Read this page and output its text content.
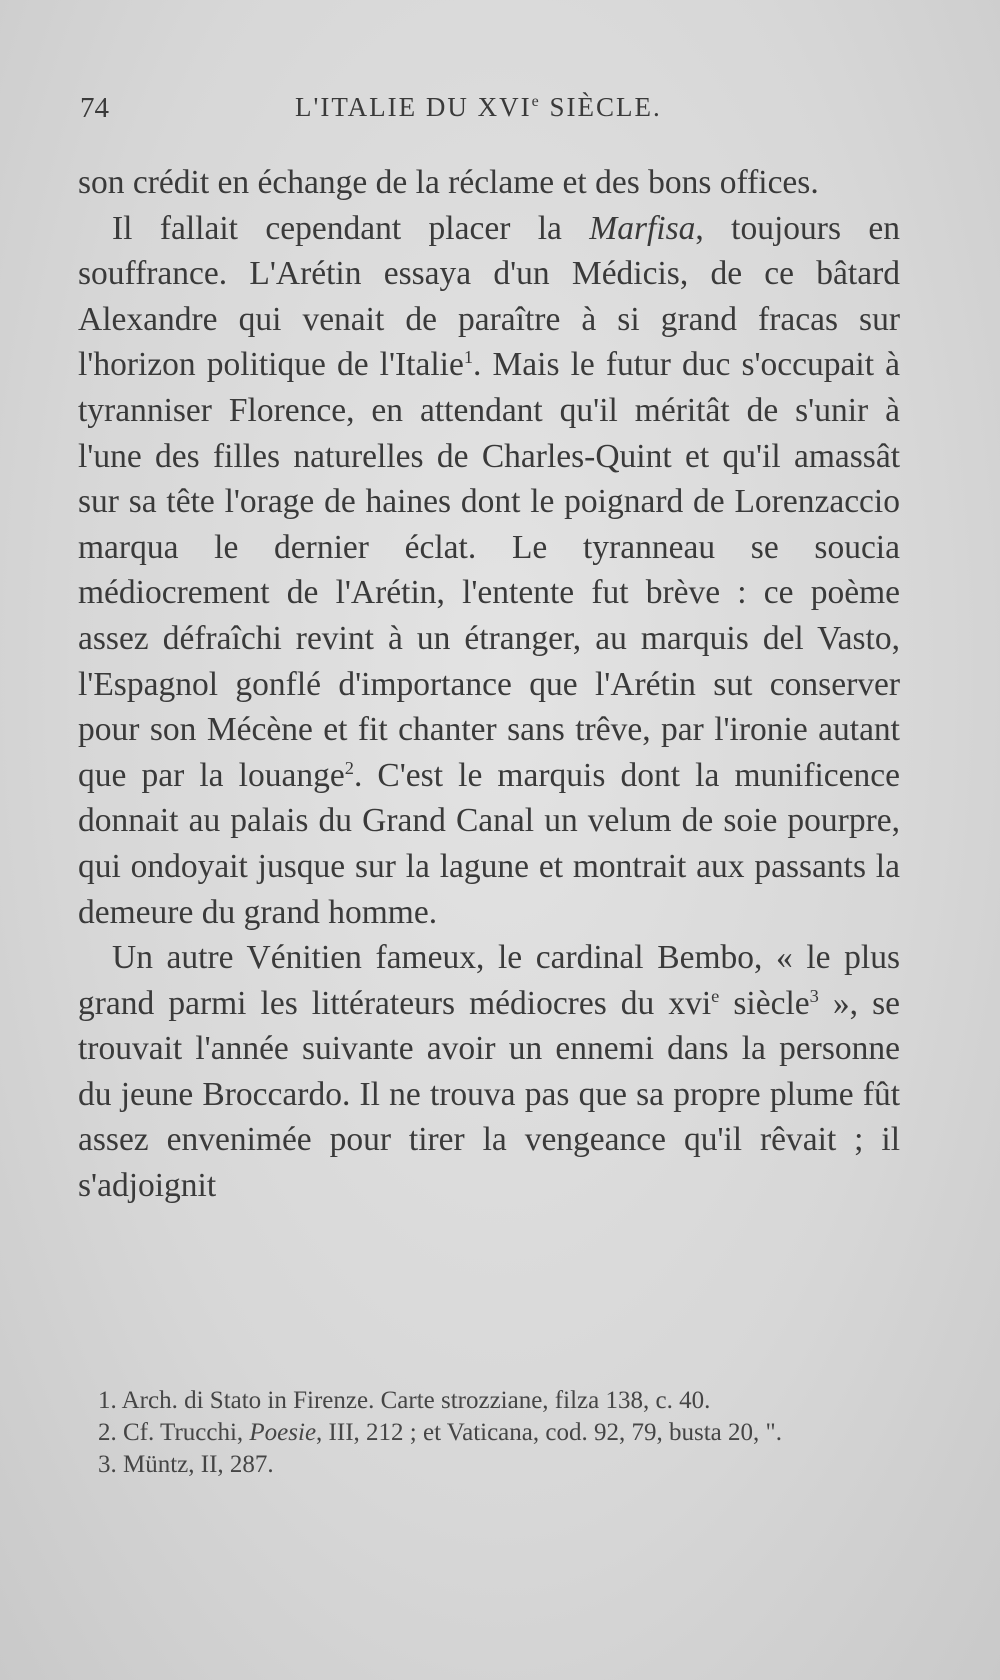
74	L'ITALIE DU XVIe SIÈCLE.

son crédit en échange de la réclame et des bons offices.

Il fallait cependant placer la Marfisa, toujours en souffrance. L'Arétin essaya d'un Médicis, de ce bâtard Alexandre qui venait de paraître à si grand fracas sur l'horizon politique de l'Italie$^1$. Mais le futur duc s'occupait à tyranniser Florence, en attendant qu'il méritât de s'unir à l'une des filles naturelles de Charles-Quint et qu'il amassât sur sa tête l'orage de haines dont le poignard de Lorenzaccio marqua le dernier éclat. Le tyranneau se soucia médiocrement de l'Arétin, l'entente fut brève : ce poème assez défraîchi revint à un étranger, au marquis del Vasto, l'Espagnol gonflé d'importance que l'Arétin sut conserver pour son Mécène et fit chanter sans trêve, par l'ironie autant que par la louange$^2$. C'est le marquis dont la munificence donnait au palais du Grand Canal un velum de soie pourpre, qui ondoyait jusque sur la lagune et montrait aux passants la demeure du grand homme.

Un autre Vénitien fameux, le cardinal Bembo, « le plus grand parmi les littérateurs médiocres du xvi$^e$ siècle$^3$ », se trouvait l'année suivante avoir un ennemi dans la personne du jeune Broccardo. Il ne trouva pas que sa propre plume fût assez envenimée pour tirer la vengeance qu'il rêvait ; il s'adjoignit

1. Arch. di Stato in Firenze. Carte strozziane, filza 138, c. 40.

2. Cf. Trucchi, Poesie, III, 212 ; et Vaticana, cod. 92, 79, busta 20, ".

3. Müntz, II, 287.
